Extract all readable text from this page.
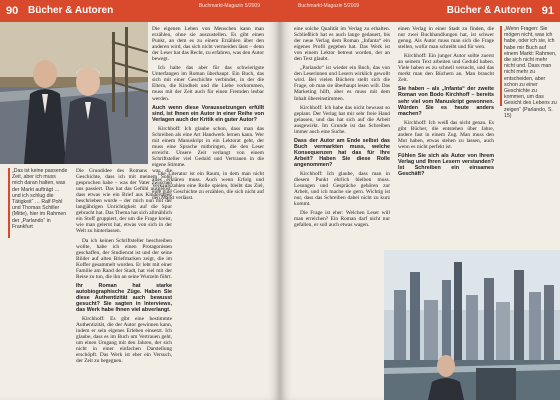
90 Bücher & Autoren	Buchmarkt-Magazin 5/2009
„Das ist keine passende Zeit, aber ich muss mich daran halten, was der Markt aufträgt … und ich schlug die Tätigkeit“ … Ralf Pohl und Thomas Schiller (Mitte), hier im Rahmen der „Parlando“ in Frankfurt

Die Grundidee des Romans war die Geschichte, dass ich mit meinem Sohn gesprochen habe – was der Vater zwischen uns passiert. Das hat das Gefühl ausgelöst, dass etwas wie ein Brief aus Kindertagen beschrieben wurde – der mich nun mit der langjährigen Unrichtigkeit auf die Spur gebracht hat. Das Thema hat sich allmählich ein Stoff gruppiert, der um die Frage kreist, wie man gelernt hat, etwas von sich in der Welt zu hinterlassen.

Da ich keinen Schriftsteller beschreiben wollte, habe ich einen Protagonisten geschaffen, der Studienrat ist und der seine Bilder auf alten Briefmarken zeigt, die im Koffer gesammelt wurden. Er lebt mit einer Familie am Rand der Stadt, hat viel mit der Reise zu tun, die ihn an seine Wurzeln führt.

Ihr Roman hat starke autobiographische Züge. Haben Sie diese Authentizität auch bewusst gesucht? Sie sagten in Interviews, das Werk habe Ihnen viel abverlangt.

Kirchhoff: Es gibt eine bestimmte Authentizität, die der Autor gewinnen kann, indem er sein eigenes Erleben einsetzt. Ich glaube, dass es im Buch um Vertrauen geht, um einen Umgang mit den Jahren, der sich nicht in einer einfachen Darstellung erschöpft. Das Werk ist eher ein Versuch, der Zeit zu begegnen.

Die eigenen Leben von Menschen kann man erzählen, ohne sie auszustellen. Es gibt einen Punkt, an dem es zu einem Erzählen über den anderen wird, das sich nicht vermeiden lässt – denn der Leser hat das Recht, zu erfahren, was den Autor bewegt.

Ich halte das aber für das schwierigste Unterfangen im Roman überhaupt. Ein Buch, das sich mit einer Geschichte verbindet, in der die Eltern, die Kindheit und die Liebe vorkommen, muss mit der Zeit auch für einen Fremden lesbar werden.

Auch wenn diese Voraussetzungen erfüllt sind, ist Ihnen ein Autor in einer Reihe von Verlagen auch der Kritik ein guter Autor?

Kirchhoff: Ich glaube schon, dass man das Schreiben als eine Art Handwerk lernen kann. Wer mit einem Manuskript in ein Lektorat geht, der muss eine Sprache mitbringen, die den Leser erreicht. Unsere Zeit verlangt von einem Schriftsteller viel Geduld und Vertrauen in die eigene Stimme.

Die Literatur ist ein Raum, in dem man nicht alles erklären muss. Auch wenn Erfolg und Verkaufszahlen eine Rolle spielen, bleibt das Ziel, eine gute Geschichte zu erzählen, die sich nicht auf den Markt verlässt.

Buchmarkt-Magazin 5/2009	Bücher & Autoren 91

eine solche Qualität im Verlag zu erhalten. Schließlich hat es auch lange gedauert, bis der neue Verlag dem Roman „Infanta“ ein eigenes Profil gegeben hat. Das Werk ist von einem Lektor betreut worden, der an den Text glaubt.

„Parlando“ ist wieder ein Buch, das von den Leserinnen und Lesern wirklich gewollt wird. Bei vielen Büchern stellt sich die Frage, ob man sie überhaupt lesen will. Das Marketing hilft, aber es muss mit dem Inhalt übereinstimmen.

Kirchhoff: Ich habe das nicht bewusst so geplant. Der Verlag hat mir sehr freie Hand gelassen, und das hat sich auf die Arbeit ausgewirkt. Im Grunde ist das Schreiben immer auch eine Suche.

Dass der Autor am Ende selbst das Buch vermarkten muss, welche Konsequenzen hat das für Ihre Arbeit? Haben Sie diese Rolle angenommen?

Kirchhoff: Ich glaube, dass man in diesem Punkt ehrlich bleiben muss. Lesungen und Gespräche gehören zur Arbeit, und ich mache sie gern. Wichtig ist nur, dass das Schreiben dabei nicht zu kurz kommt.

Die Frage ist eher: Welchen Leser will man erreichen? Ein Roman darf nicht nur gefallen, er soll auch etwas wagen.

einen Verlag in einer Stadt zu finden, die nur zwei Buchhandlungen hat, ist schwer genug. Als Autor muss man sich die Frage stellen, wofür man schreibt und für wen.

Kirchhoff: Ein junger Autor sollte zuerst an seinem Text arbeiten und Geduld haben. Viele haben es zu schnell versucht, und das merkt man den Büchern an. Man braucht Zeit.

Sie haben – als „Infanta“ der zweite Roman von Bodo Kirchhoff – bereits sehr viel vom Manuskript gewonnen. Würden Sie es heute anders machen?

Kirchhoff: Ich weiß das nicht genau. Es gibt Bücher, die entstehen über Jahre, andere fast in einem Zug. Man muss den Mut haben, etwas stehen zu lassen, auch wenn es nicht perfekt ist.

Fühlen Sie sich als Autor von Ihrem Verlag und Ihren Lesern verstanden? Ist Schreiben ein einsames Geschäft?

„Wenn Fragen: Sie mögen nicht, was ich habe, oder ich sie, ich habe mir Buch auf einem Markt: Rahmen, die sich nicht mehr nicht und. Dass man nicht mehr zu entscheiden, aber schon zu einer Geschichte zu kommen, um das Gesicht des Lebens zu zeigen“ (Parlando, S. 15)
